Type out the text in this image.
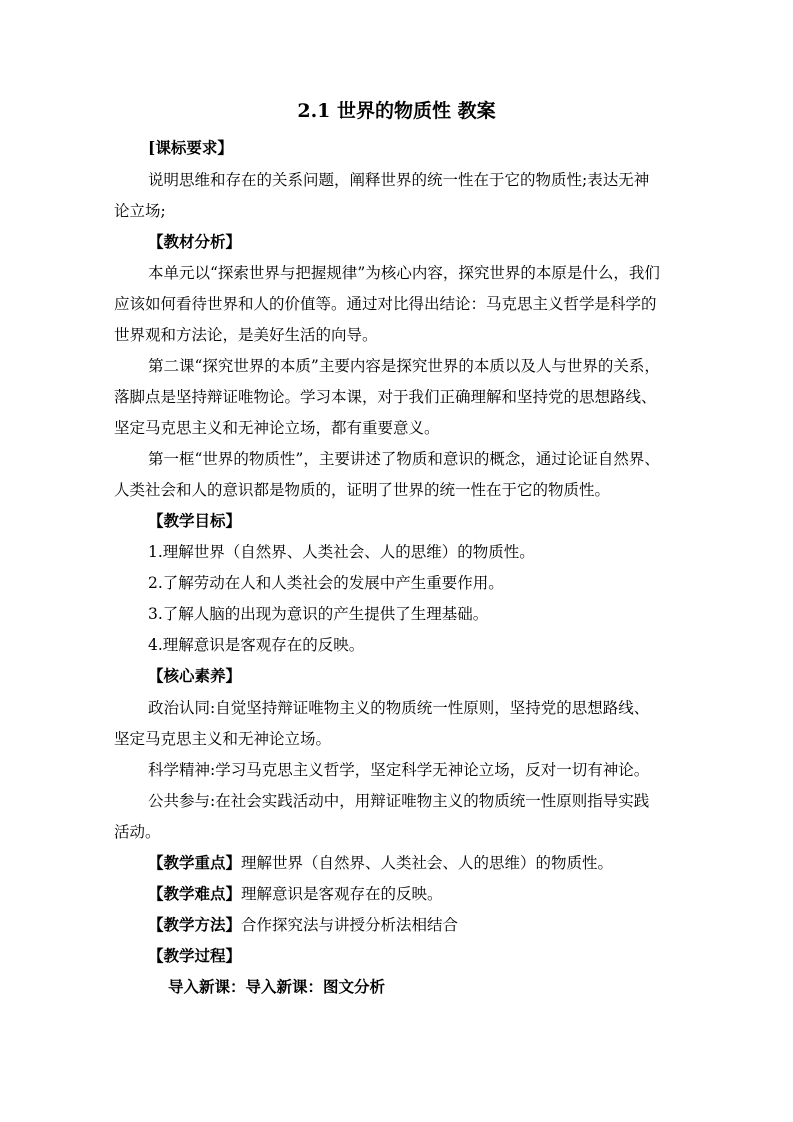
2.1 世界的物质性 教案
[课标要求】
说明思维和存在的关系问题，阐释世界的统一性在于它的物质性;表达无神
论立场;
【教材分析】
本单元以“探索世界与把握规律”为核心内容，探究世界的本原是什么，我们
应该如何看待世界和人的价值等。通过对比得出结论：马克思主义哲学是科学的
世界观和方法论，是美好生活的向导。
第二课“探究世界的本质”主要内容是探究世界的本质以及人与世界的关系，
落脚点是坚持辩证唯物论。学习本课，对于我们正确理解和坚持党的思想路线、
坚定马克思主义和无神论立场，都有重要意义。
第一框“世界的物质性”，主要讲述了物质和意识的概念，通过论证自然界、
人类社会和人的意识都是物质的，证明了世界的统一性在于它的物质性。
【教学目标】
1.理解世界（自然界、人类社会、人的思维）的物质性。
2.了解劳动在人和人类社会的发展中产生重要作用。
3.了解人脑的出现为意识的产生提供了生理基础。
4.理解意识是客观存在的反映。
【核心素养】
政治认同:自觉坚持辩证唯物主义的物质统一性原则，坚持党的思想路线、
坚定马克思主义和无神论立场。
科学精神:学习马克思主义哲学，坚定科学无神论立场，反对一切有神论。
公共参与:在社会实践活动中，用辩证唯物主义的物质统一性原则指导实践
活动。
【教学重点】理解世界（自然界、人类社会、人的思维）的物质性。
【教学难点】理解意识是客观存在的反映。
【教学方法】合作探究法与讲授分析法相结合
【教学过程】
导入新课：导入新课：图文分析
